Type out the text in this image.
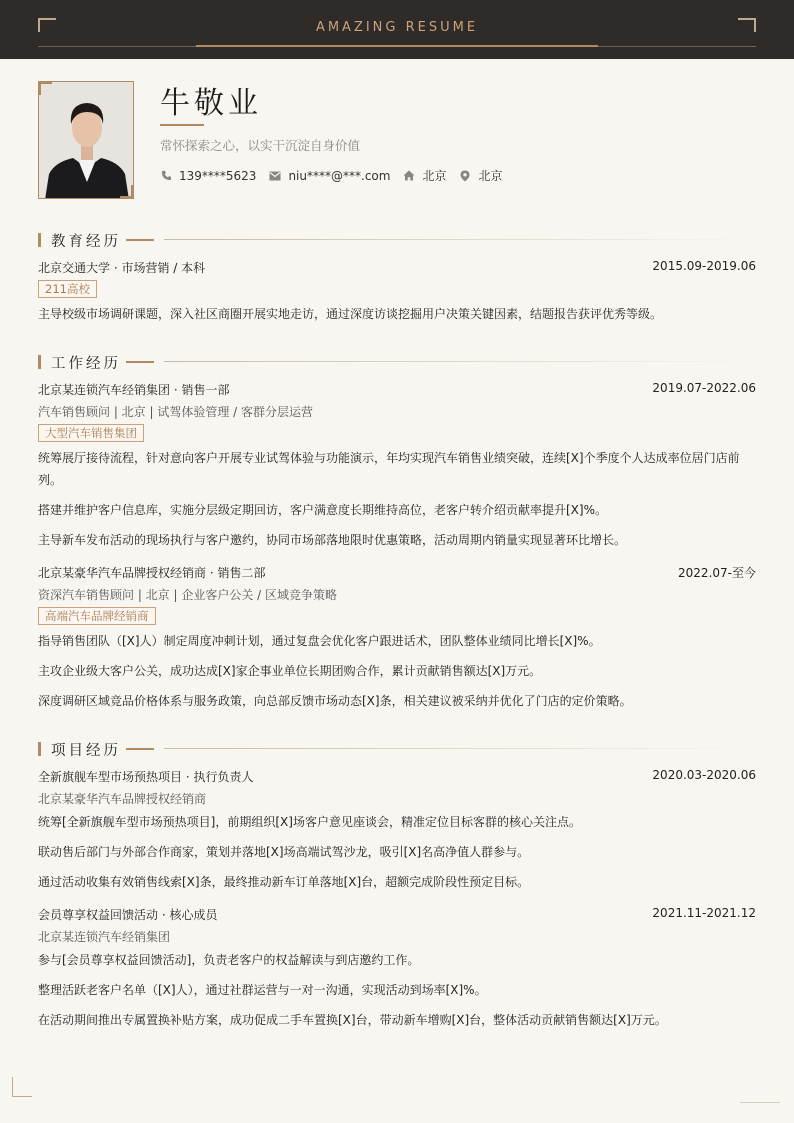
AMAZING RESUME
牛敬业
常怀探索之心，以实干沉淀自身价值
139****5623	niu****@***.com	北京	北京
教育经历
北京交通大学 · 市场营销 / 本科	2015.09-2019.06
211高校
主导校级市场调研课题，深入社区商圈开展实地走访，通过深度访谈挖掘用户决策关键因素，结题报告获评优秀等级。
工作经历
北京某连锁汽车经销集团 · 销售一部	2019.07-2022.06
汽车销售顾问 | 北京 | 试驾体验管理 / 客群分层运营
大型汽车销售集团
统筹展厅接待流程，针对意向客户开展专业试驾体验与功能演示，年均实现汽车销售业绩突破，连续[X]个季度个人达成率位居门店前列。
搭建并维护客户信息库，实施分层级定期回访，客户满意度长期维持高位，老客户转介绍贡献率提升[X]%。
主导新车发布活动的现场执行与客户邀约，协同市场部落地限时优惠策略，活动周期内销量实现显著环比增长。
北京某豪华汽车品牌授权经销商 · 销售二部	2022.07-至今
资深汽车销售顾问 | 北京 | 企业客户公关 / 区域竞争策略
高端汽车品牌经销商
指导销售团队（[X]人）制定周度冲刺计划，通过复盘会优化客户跟进话术，团队整体业绩同比增长[X]%。
主攻企业级大客户公关，成功达成[X]家企事业单位长期团购合作，累计贡献销售额达[X]万元。
深度调研区域竞品价格体系与服务政策，向总部反馈市场动态[X]条，相关建议被采纳并优化了门店的定价策略。
项目经历
全新旗舰车型市场预热项目 · 执行负责人	2020.03-2020.06
北京某豪华汽车品牌授权经销商
统筹[全新旗舰车型市场预热项目]，前期组织[X]场客户意见座谈会，精准定位目标客群的核心关注点。
联动售后部门与外部合作商家，策划并落地[X]场高端试驾沙龙，吸引[X]名高净值人群参与。
通过活动收集有效销售线索[X]条，最终推动新车订单落地[X]台，超额完成阶段性预定目标。
会员尊享权益回馈活动 · 核心成员	2021.11-2021.12
北京某连锁汽车经销集团
参与[会员尊享权益回馈活动]，负责老客户的权益解读与到店邀约工作。
整理活跃老客户名单（[X]人），通过社群运营与一对一沟通，实现活动到场率[X]%。
在活动期间推出专属置换补贴方案，成功促成二手车置换[X]台，带动新车增购[X]台，整体活动贡献销售额达[X]万元。
